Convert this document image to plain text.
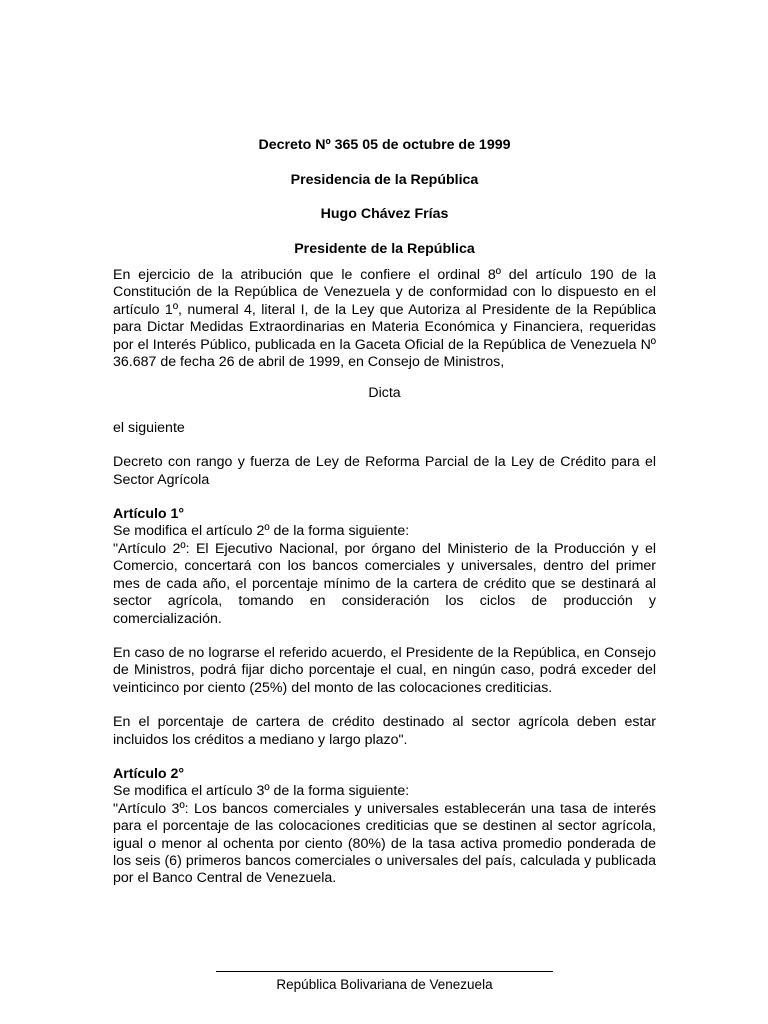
Decreto Nº 365 05 de octubre de 1999

Presidencia de la República

Hugo Chávez Frías

Presidente de la República

En ejercicio de la atribución que le confiere el ordinal 8º del artículo 190 de la Constitución de la República de Venezuela y de conformidad con lo dispuesto en el artículo 1º, numeral 4, literal I, de la Ley que Autoriza al Presidente de la República para Dictar Medidas Extraordinarias en Materia Económica y Financiera, requeridas por el Interés Público, publicada en la Gaceta Oficial de la República de Venezuela Nº 36.687 de fecha 26 de abril de 1999, en Consejo de Ministros,

Dicta

el siguiente

Decreto con rango y fuerza de Ley de Reforma Parcial de la Ley de Crédito para el Sector Agrícola

Artículo 1°

Se modifica el artículo 2º de la forma siguiente:

"Artículo 2º: El Ejecutivo Nacional, por órgano del Ministerio de la Producción y el Comercio, concertará con los bancos comerciales y universales, dentro del primer mes de cada año, el porcentaje mínimo de la cartera de crédito que se destinará al sector agrícola, tomando en consideración los ciclos de producción y comercialización.

En caso de no lograrse el referido acuerdo, el Presidente de la República, en Consejo de Ministros, podrá fijar dicho porcentaje el cual, en ningún caso, podrá exceder del veinticinco por ciento (25%) del monto de las colocaciones crediticias.

En el porcentaje de cartera de crédito destinado al sector agrícola deben estar incluidos los créditos a mediano y largo plazo".

Artículo 2°

Se modifica el artículo 3º de la forma siguiente:

"Artículo 3º: Los bancos comerciales y universales establecerán una tasa de interés para el porcentaje de las colocaciones crediticias que se destinen al sector agrícola, igual o menor al ochenta por ciento (80%) de la tasa activa promedio ponderada de los seis (6) primeros bancos comerciales o universales del país, calculada y publicada por el Banco Central de Venezuela.

República Bolivariana de Venezuela
